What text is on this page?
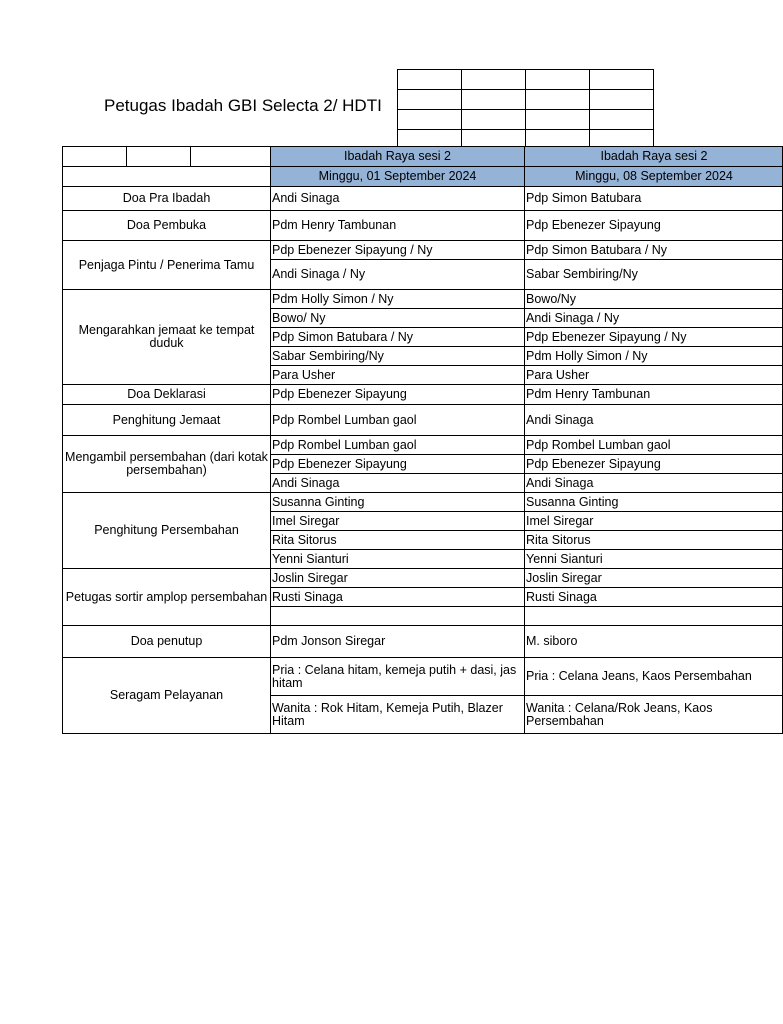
Petugas Ibadah GBI Selecta 2/ HDTI

			Ibadah Raya sesi 2	Ibadah Raya sesi 2
			Minggu, 01 September 2024	Minggu, 08 September 2024
Doa Pra Ibadah			Andi Sinaga	Pdp Simon Batubara
Doa Pembuka			Pdm Henry Tambunan	Pdp Ebenezer Sipayung
Penjaga Pintu / Penerima Tamu			Pdp Ebenezer Sipayung / Ny	Pdp Simon Batubara / Ny
			Andi Sinaga / Ny	Sabar Sembiring/Ny
Mengarahkan jemaat ke tempat duduk			Pdm Holly Simon / Ny	Bowo/Ny
			Bowo/ Ny	Andi Sinaga / Ny
			Pdp Simon Batubara / Ny	Pdp Ebenezer Sipayung / Ny
			Sabar Sembiring/Ny	Pdm Holly Simon / Ny
			Para Usher	Para Usher
Doa Deklarasi			Pdp Ebenezer Sipayung	Pdm Henry Tambunan
Penghitung Jemaat			Pdp Rombel Lumban gaol	Andi Sinaga
Mengambil persembahan (dari kotak persembahan)			Pdp Rombel Lumban gaol	Pdp Rombel Lumban gaol
			Pdp Ebenezer Sipayung	Pdp Ebenezer Sipayung
			Andi Sinaga	Andi Sinaga
Penghitung Persembahan			Susanna Ginting	Susanna Ginting
			Imel Siregar	Imel Siregar
			Rita Sitorus	Rita Sitorus
			Yenni Sianturi	Yenni Sianturi
Petugas sortir amplop persembahan			Joslin Siregar	Joslin Siregar
			Rusti Sinaga	Rusti Sinaga

Doa penutup			Pdm Jonson Siregar	M. siboro
Seragam Pelayanan			Pria : Celana hitam, kemeja putih + dasi, jas hitam	Pria : Celana Jeans, Kaos Persembahan
			Wanita : Rok Hitam, Kemeja Putih, Blazer Hitam	Wanita : Celana/Rok Jeans, Kaos Persembahan
